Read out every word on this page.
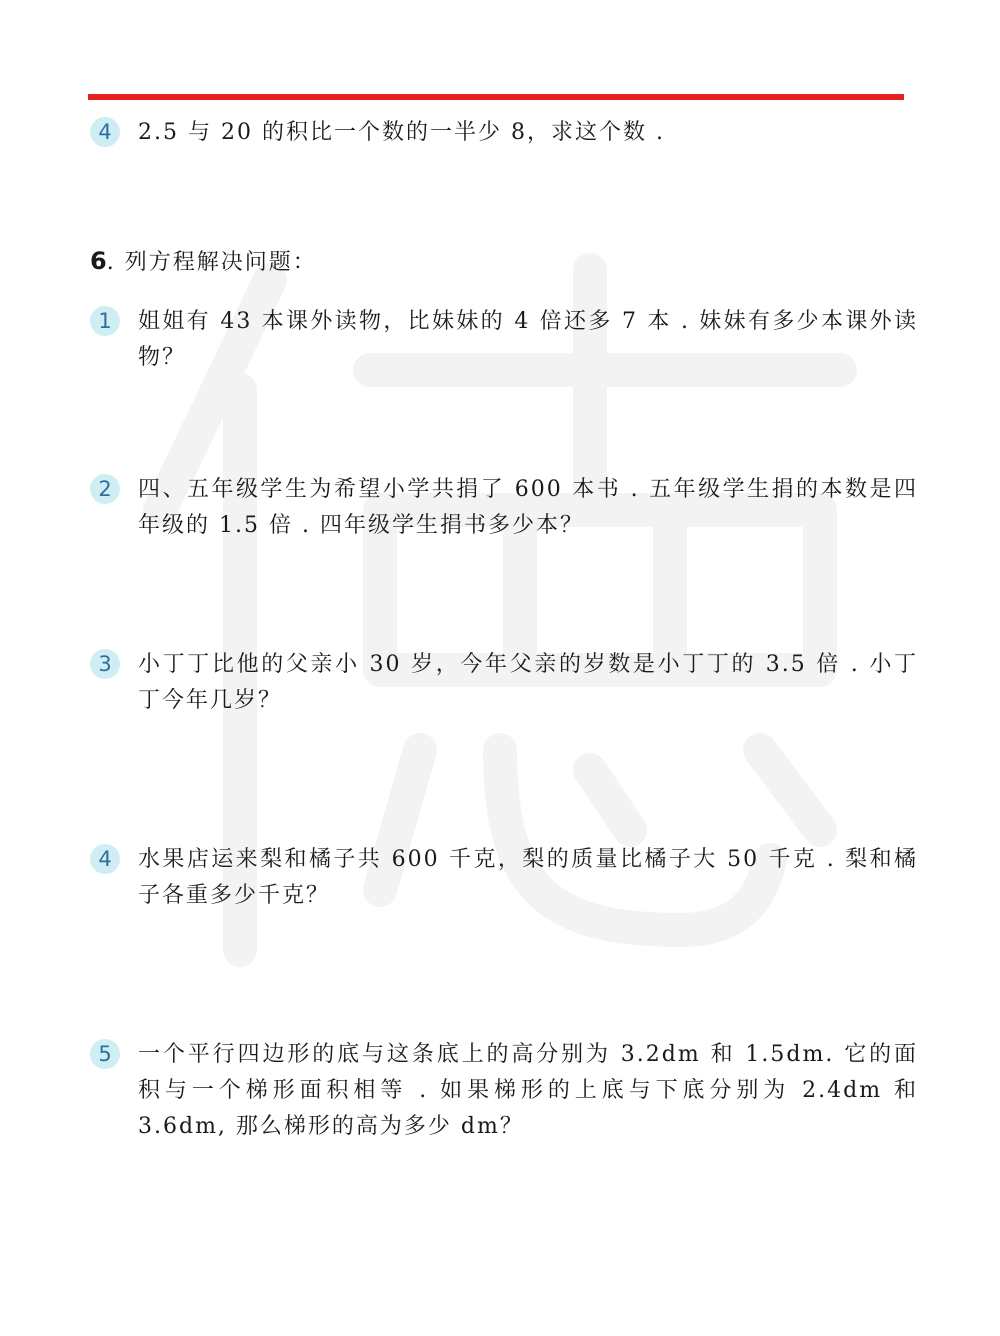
4	2.5 与 20 的积比一个数的一半少 8，求这个数 .
6. 列方程解决问题：
1	姐姐有 43 本课外读物，比妹妹的 4 倍还多 7 本 . 妹妹有多少本课外读物？
2	四、五年级学生为希望小学共捐了 600 本书 . 五年级学生捐的本数是四年级的 1.5 倍 . 四年级学生捐书多少本？
3	小丁丁比他的父亲小 30 岁，今年父亲的岁数是小丁丁的 3.5 倍 . 小丁丁今年几岁？
4	水果店运来梨和橘子共 600 千克，梨的质量比橘子大 50 千克 . 梨和橘子各重多少千克？
5	一个平行四边形的底与这条底上的高分别为 3.2dm 和 1.5dm. 它的面积与一个梯形面积相等 . 如果梯形的上底与下底分别为 2.4dm 和 3.6dm, 那么梯形的高为多少 dm？
